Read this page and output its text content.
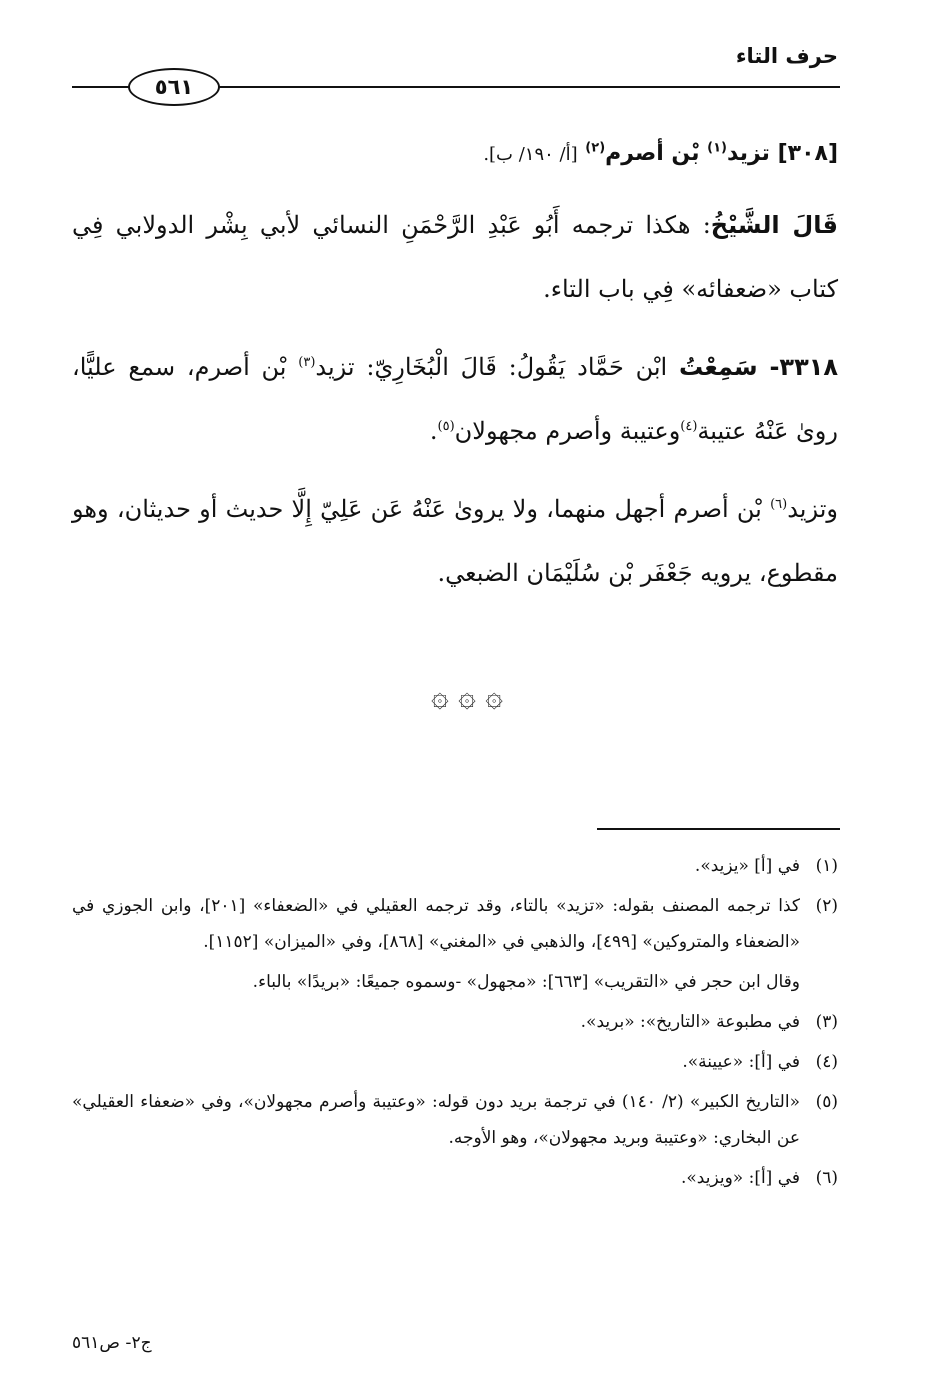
حرف التاء
٥٦١

[٣٠٨] تزيد$^{(١)}$ بْن أصرم$^{(٢)}$ [أ/ ١٩٠/ ب].

قَالَ الشَّيْخُ: هكذا ترجمه أَبُو عَبْدِ الرَّحْمَنِ النسائي لأبي بِشْر الدولابي فِي كتاب «ضعفائه» فِي باب التاء.

٣٣١٨- سَمِعْتُ ابْن حَمَّاد يَقُولُ: قَالَ الْبُخَارِيّ: تزيد$^{(٣)}$ بْن أصرم، سمع عليًّا، روىٰ عَنْهُ عتيبة$^{(٤)}$وعتيبة وأصرم مجهولان$^{(٥)}$.

وتزيد$^{(٦)}$ بْن أصرم أجهل منهما، ولا يروىٰ عَنْهُ عَن عَلِيّ إِلَّا حديث أو حديثان، وهو مقطوع، يرويه جَعْفَر بْن سُلَيْمَان الضبعي.

۞ ۞ ۞
(١)
في [أ] «يزيد».
(٢)
كذا ترجمه المصنف بقوله: «تزيد» بالتاء، وقد ترجمه العقيلي في «الضعفاء» [٢٠١]، وابن الجوزي في «الضعفاء والمتروكين» [٤٩٩]، والذهبي في «المغني» [٨٦٨]، وفي «الميزان» [١١٥٢].
وقال ابن حجر في «التقريب» [٦٦٣]: «مجهول» -وسموه جميعًا: «بريدًا» بالباء.
(٣)
في مطبوعة «التاريخ»: «بريد».
(٤)
في [أ]: «عيينة».
(٥)
«التاريخ الكبير» (٢/ ١٤٠) في ترجمة بريد دون قوله: «وعتيبة وأصرم مجهولان»، وفي «ضعفاء العقيلي» عن البخاري: «وعتيبة وبريد مجهولان»، وهو الأوجه.
(٦)
في [أ]: «ويزيد».
ج٢- ص٥٦١
